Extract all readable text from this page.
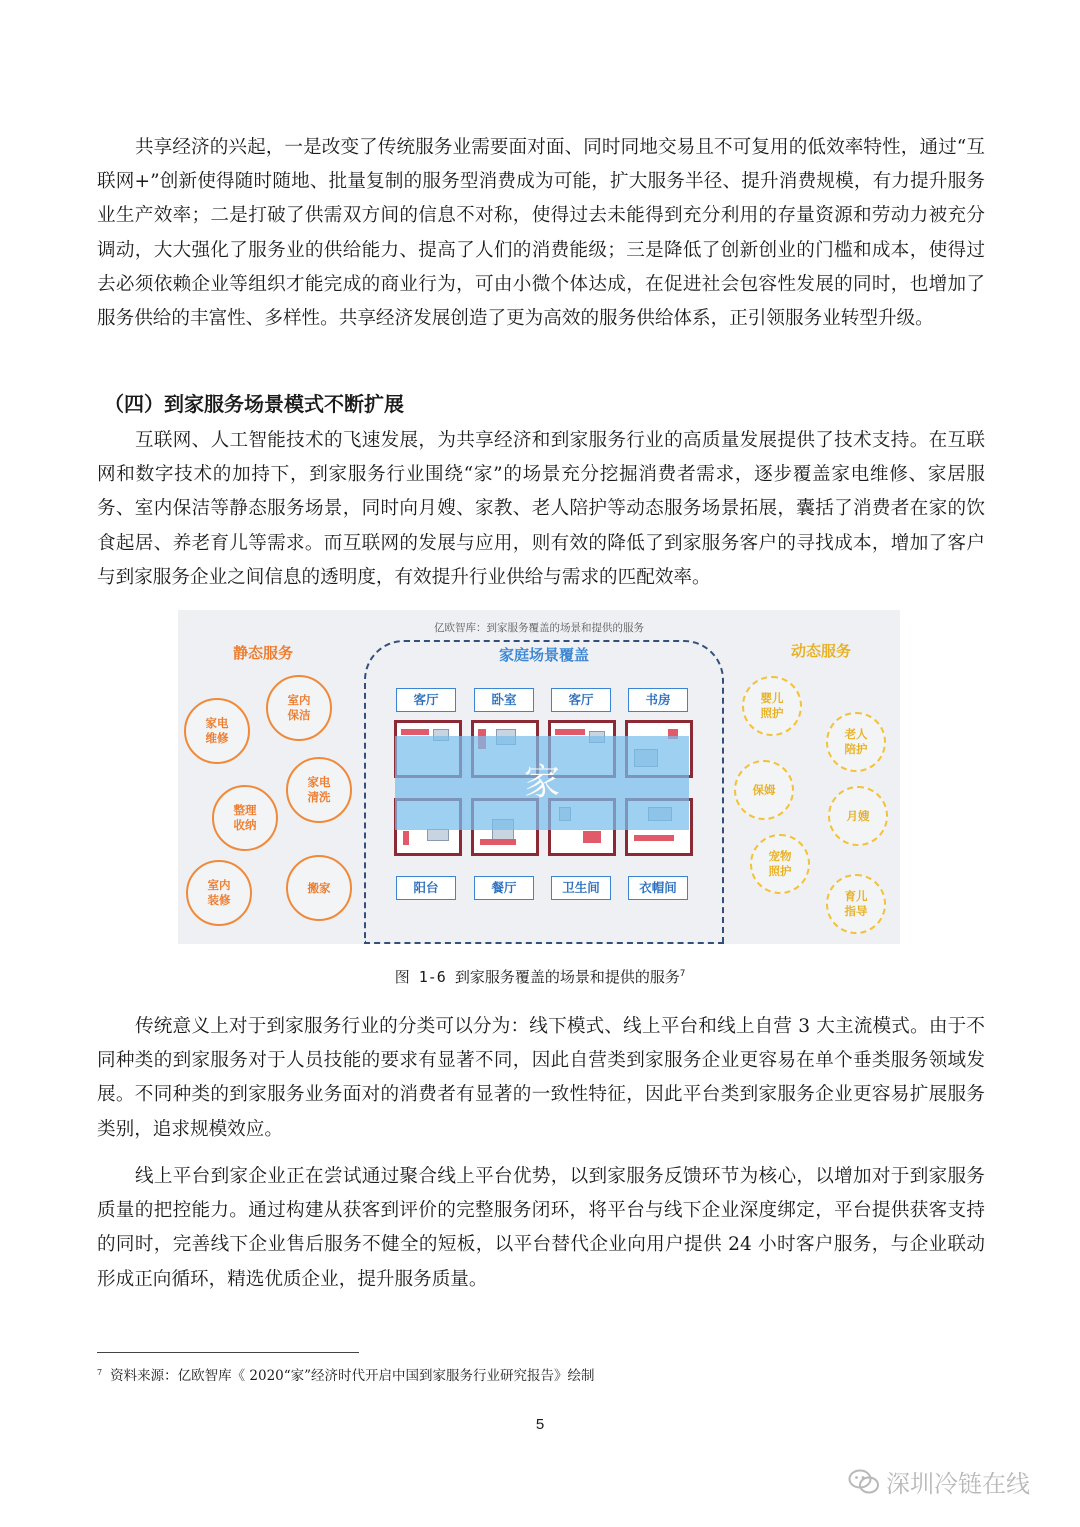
共享经济的兴起，一是改变了传统服务业需要面对面、同时同地交易且不可复用的低效率特性，通过“互联网+”创新使得随时随地、批量复制的服务型消费成为可能，扩大服务半径、提升消费规模，有力提升服务业生产效率；二是打破了供需双方间的信息不对称，使得过去未能得到充分利用的存量资源和劳动力被充分调动，大大强化了服务业的供给能力、提高了人们的消费能级；三是降低了创新创业的门槛和成本，使得过去必须依赖企业等组织才能完成的商业行为，可由小微个体达成，在促进社会包容性发展的同时，也增加了服务供给的丰富性、多样性。共享经济发展创造了更为高效的服务供给体系，正引领服务业转型升级。

（四）到家服务场景模式不断扩展

互联网、人工智能技术的飞速发展，为共享经济和到家服务行业的高质量发展提供了技术支持。在互联网和数字技术的加持下，到家服务行业围绕“家”的场景充分挖掘消费者需求，逐步覆盖家电维修、家居服务、室内保洁等静态服务场景，同时向月嫂、家教、老人陪护等动态服务场景拓展，囊括了消费者在家的饮食起居、养老育儿等需求。而互联网的发展与应用，则有效的降低了到家服务客户的寻找成本，增加了客户与到家服务企业之间信息的透明度，有效提升行业供给与需求的匹配效率。

亿欧智库：到家服务覆盖的场景和提供的服务
静态服务	动态服务
家电
维修
室内
保洁
家电
清洗
整理
收纳
室内
装修
搬家
婴儿
照护
老人
陪护
保姆
月嫂
宠物
照护
育儿
指导
家庭场景覆盖
客厅	卧室	客厅	书房
家
阳台	餐厅	卫生间	衣帽间

图 1-6 到家服务覆盖的场景和提供的服务$^7$

传统意义上对于到家服务行业的分类可以分为：线下模式、线上平台和线上自营 3 大主流模式。由于不同种类的到家服务对于人员技能的要求有显著不同，因此自营类到家服务企业更容易在单个垂类服务领域发展。不同种类的到家服务业务面对的消费者有显著的一致性特征，因此平台类到家服务企业更容易扩展服务类别，追求规模效应。

线上平台到家企业正在尝试通过聚合线上平台优势，以到家服务反馈环节为核心，以增加对于到家服务质量的把控能力。通过构建从获客到评价的完整服务闭环，将平台与线下企业深度绑定，平台提供获客支持的同时，完善线下企业售后服务不健全的短板，以平台替代企业向用户提供 24 小时客户服务，与企业联动形成正向循环，精选优质企业，提升服务质量。

$^7$ 资料来源：亿欧智库《 2020“家”经济时代开启中国到家服务行业研究报告》绘制

5
深圳冷链在线
